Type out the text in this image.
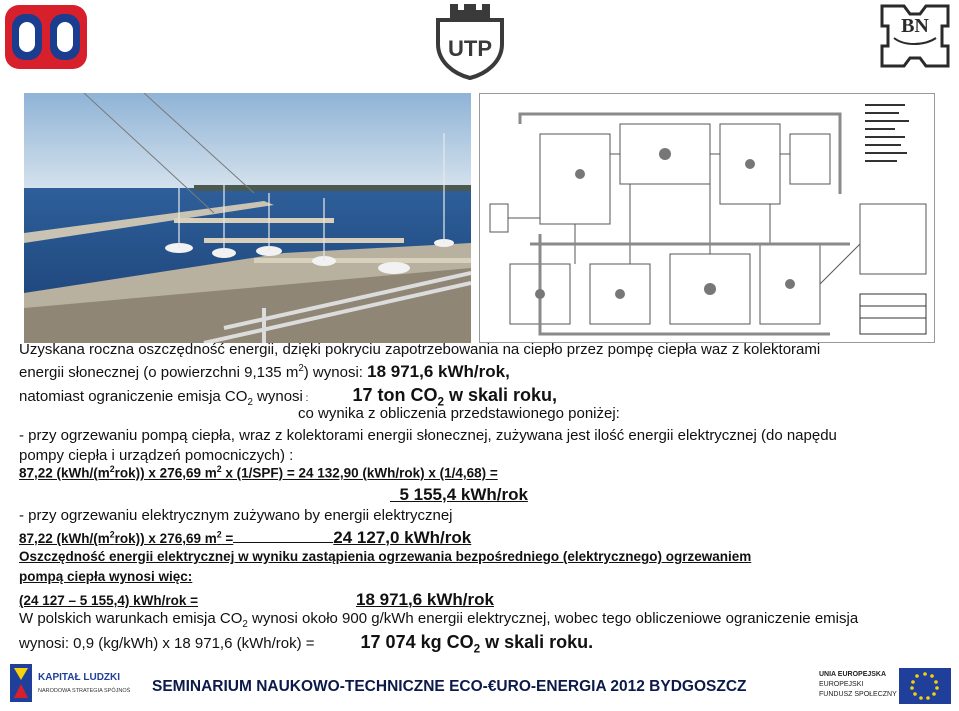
UTP
BN
Uzyskana roczna oszczędność energii, dzięki pokryciu zapotrzebowania na ciepło przez pompę ciepła waz z kolektorami
energii słonecznej (o powierzchni 9,135 $m^2$) wynosi: 18 971,6 kWh/rok,
natomiast ograniczenie emisja $CO_2$ wynosi : 17 ton $CO_2$ w skali roku,
co wynika z obliczenia przedstawionego poniżej:
- przy ogrzewaniu pompą ciepła, wraz z kolektorami energii słonecznej, zużywana jest ilość energii elektrycznej (do napędu
pompy ciepła i urządzeń pomocniczych) :
87,22 $(kWh/(m^2rok))$ x 276,69 $m^2$ x (1/SPF) = 24 132,90 (kWh/rok) x (1/4,68) =
5 155,4 kWh/rok
- przy ogrzewaniu elektrycznym zużywano by energii elektrycznej
87,22 $(kWh/(m^2rok))$ x 276,69 $m^2$ =	24 127,0 kWh/rok
Oszczędność energii elektrycznej w wyniku zastąpienia ogrzewania bezpośredniego (elektrycznego) ogrzewaniem
pompą ciepła wynosi więc:
(24 127 – 5 155,4) kWh/rok =	18 971,6 kWh/rok
W polskich warunkach emisja $CO_2$ wynosi około 900 g/kWh energii elektrycznej, wobec tego obliczeniowe ograniczenie emisja
wynosi: 0,9 (kg/kWh) x 18 971,6 (kWh/rok) =	17 074 kg $CO_2$ w skali roku.
KAPITAŁ LUDZKI
NARODOWA STRATEGIA SPÓJNOŚCI SEMINARIUM NAUKOWO-TECHNICZNE ECO-€URO-ENERGIA 2012 BYDGOSZCZ
UNIA EUROPEJSKA
EUROPEJSKI
FUNDUSZ SPOŁECZNY
